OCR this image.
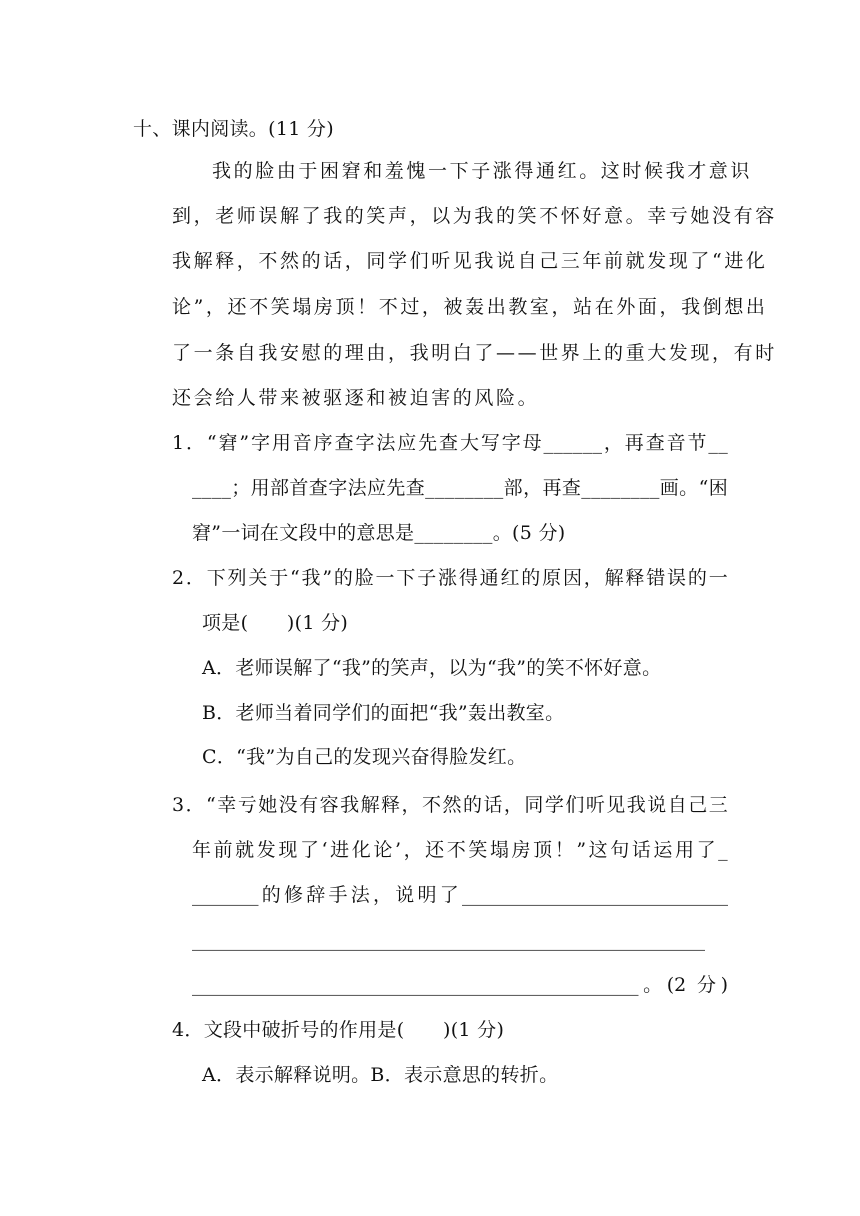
十、课内阅读。(11 分)
我的脸由于困窘和羞愧一下子涨得通红。这时候我才意识
到，老师误解了我的笑声，以为我的笑不怀好意。幸亏她没有容
我解释，不然的话，同学们听见我说自己三年前就发现了“进化
论”，还不笑塌房顶！不过，被轰出教室，站在外面，我倒想出
了一条自我安慰的理由，我明白了——世界上的重大发现，有时
还会给人带来被驱逐和被迫害的风险。
1．“窘”字用音序查字法应先查大写字母______，再查音节__
____；用部首查字法应先查________部，再查________画。“困
窘”一词在文段中的意思是________。(5 分)
2．下列关于“我”的脸一下子涨得通红的原因，解释错误的一
项是(　　)(1 分)
A．老师误解了“我”的笑声，以为“我”的笑不怀好意。
B．老师当着同学们的面把“我”轰出教室。
C．“我”为自己的发现兴奋得脸发红。
3．“幸亏她没有容我解释，不然的话，同学们听见我说自己三
年前就发现了‘进化论’，还不笑塌房顶！”这句话运用了_
_______的修辞手法，说明了____________________________
______________________________________________________
_______________________________________________。(2 分)
4．文段中破折号的作用是(　　)(1 分)
A．表示解释说明。B．表示意思的转折。
